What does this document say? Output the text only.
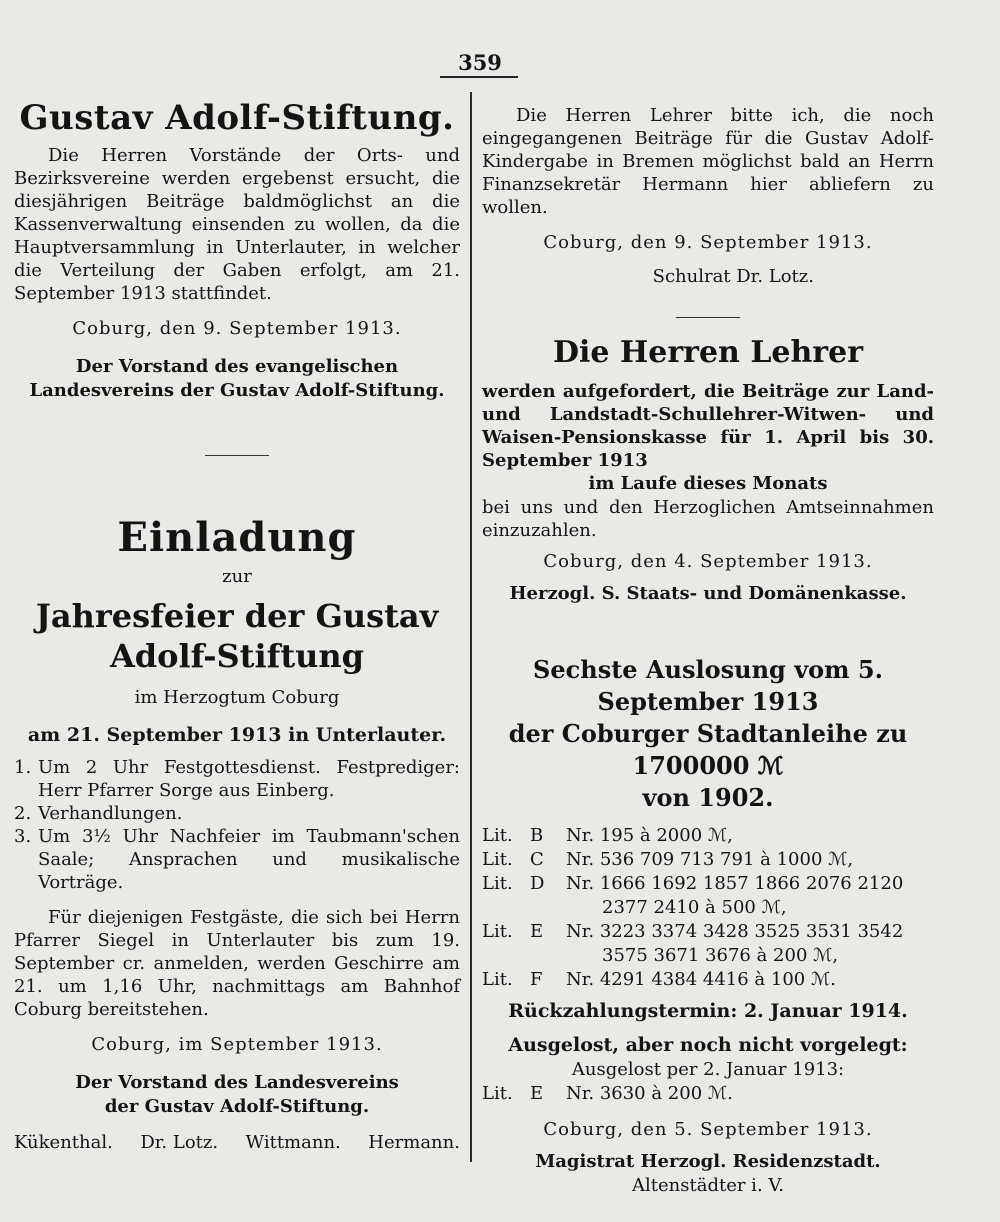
359

Gustav Adolf-Stiftung.

Die Herren Vorstände der Orts- und Bezirksvereine werden ergebenst ersucht, die diesjährigen Beiträge baldmöglichst an die Kassenverwaltung einsenden zu wollen, da die Hauptversammlung in Unterlauter, in welcher die Verteilung der Gaben erfolgt, am 21. September 1913 stattfindet.

Coburg, den 9. September 1913.

Der Vorstand des evangelischen

Landesvereins der Gustav Adolf-Stiftung.

Einladung

zur

Jahresfeier der Gustav Adolf-Stiftung

im Herzogtum Coburg

am 21. September 1913 in Unterlauter.

1. Um 2 Uhr Festgottesdienst. Festprediger: Herr Pfarrer Sorge aus Einberg.
2. Verhandlungen.
3. Um 3½ Uhr Nachfeier im Taubmann'schen Saale; Ansprachen und musikalische Vorträge.

Für diejenigen Festgäste, die sich bei Herrn Pfarrer Siegel in Unterlauter bis zum 19. September cr. anmelden, werden Geschirre am 21. um 1,16 Uhr, nachmittags am Bahnhof Coburg bereitstehen.

Coburg, im September 1913.

Der Vorstand des Landesvereins

der Gustav Adolf-Stiftung.

Kükenthal. Dr. Lotz. Wittmann. Hermann.

Die Herren Lehrer bitte ich, die noch eingegangenen Beiträge für die Gustav Adolf-Kindergabe in Bremen möglichst bald an Herrn Finanzsekretär Hermann hier abliefern zu wollen.

Coburg, den 9. September 1913.

Schulrat Dr. Lotz.

Die Herren Lehrer

werden aufgefordert, die Beiträge zur Land- und Landstadt-Schullehrer-Witwen- und Waisen-Pensionskasse für 1. April bis 30. September 1913

im Laufe dieses Monats

bei uns und den Herzoglichen Amtseinnahmen einzuzahlen.

Coburg, den 4. September 1913.

Herzogl. S. Staats- und Domänenkasse.

Sechste Auslosung vom 5. September 1913

der Coburger Stadtanleihe zu 1700000 ℳ

von 1902.

Lit. B	Nr. 195 à 2000 ℳ,
Lit. C	Nr. 536 709 713 791 à 1000 ℳ,
Lit. D	Nr. 1666 1692 1857 1866 2076 2120
2377 2410 à 500 ℳ,
Lit. E	Nr. 3223 3374 3428 3525 3531 3542
3575 3671 3676 à 200 ℳ,
Lit. F	Nr. 4291 4384 4416 à 100 ℳ.

Rückzahlungstermin: 2. Januar 1914.

Ausgelost, aber noch nicht vorgelegt:

Ausgelost per 2. Januar 1913:

Lit. E	Nr. 3630 à 200 ℳ.

Coburg, den 5. September 1913.

Magistrat Herzogl. Residenzstadt.

Altenstädter i. V.
